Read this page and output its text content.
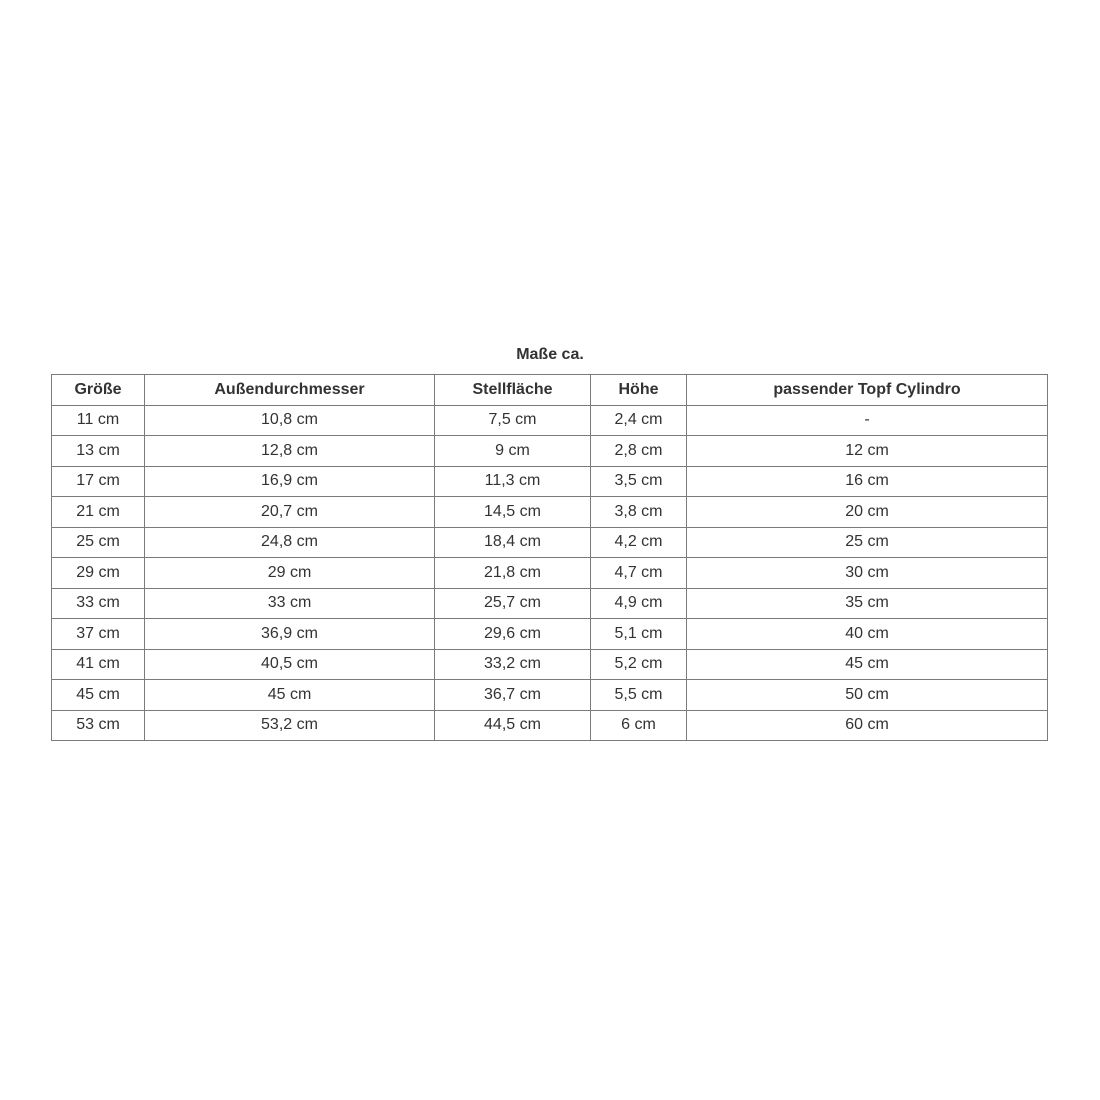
Maße ca.
Größe	Außendurchmesser	Stellfläche	Höhe	passender Topf Cylindro
11 cm	10,8 cm	7,5 cm	2,4 cm	-
13 cm	12,8 cm	9 cm	2,8 cm	12 cm
17 cm	16,9 cm	11,3 cm	3,5 cm	16 cm
21 cm	20,7 cm	14,5 cm	3,8 cm	20 cm
25 cm	24,8 cm	18,4 cm	4,2 cm	25 cm
29 cm	29 cm	21,8 cm	4,7 cm	30 cm
33 cm	33 cm	25,7 cm	4,9 cm	35 cm
37 cm	36,9 cm	29,6 cm	5,1 cm	40 cm
41 cm	40,5 cm	33,2 cm	5,2 cm	45 cm
45 cm	45 cm	36,7 cm	5,5 cm	50 cm
53 cm	53,2 cm	44,5 cm	6 cm	60 cm
